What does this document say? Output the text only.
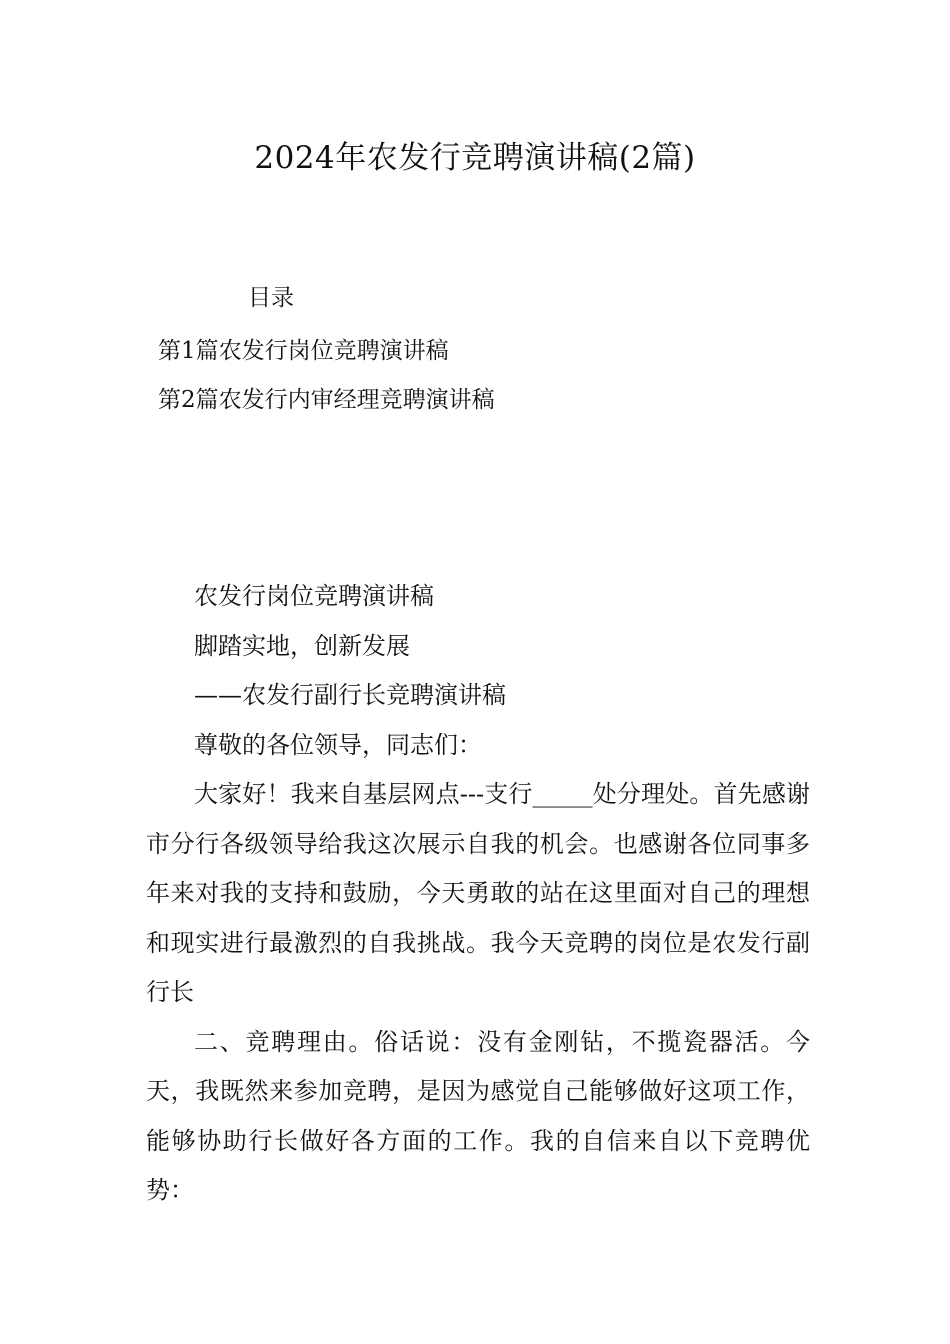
2024年农发行竞聘演讲稿(2篇)
目录
第1篇农发行岗位竞聘演讲稿
第2篇农发行内审经理竞聘演讲稿

农发行岗位竞聘演讲稿

脚踏实地，创新发展

——农发行副行长竞聘演讲稿

尊敬的各位领导，同志们：

大家好！我来自基层网点---支行_____处分理处。首先感谢市分行各级领导给我这次展示自我的机会。也感谢各位同事多年来对我的支持和鼓励，今天勇敢的站在这里面对自己的理想和现实进行最激烈的自我挑战。我今天竞聘的岗位是农发行副行长

二、竞聘理由。俗话说：没有金刚钻，不揽瓷器活。今天，我既然来参加竞聘，是因为感觉自己能够做好这项工作，能够协助行长做好各方面的工作。我的自信来自以下竞聘优势：
